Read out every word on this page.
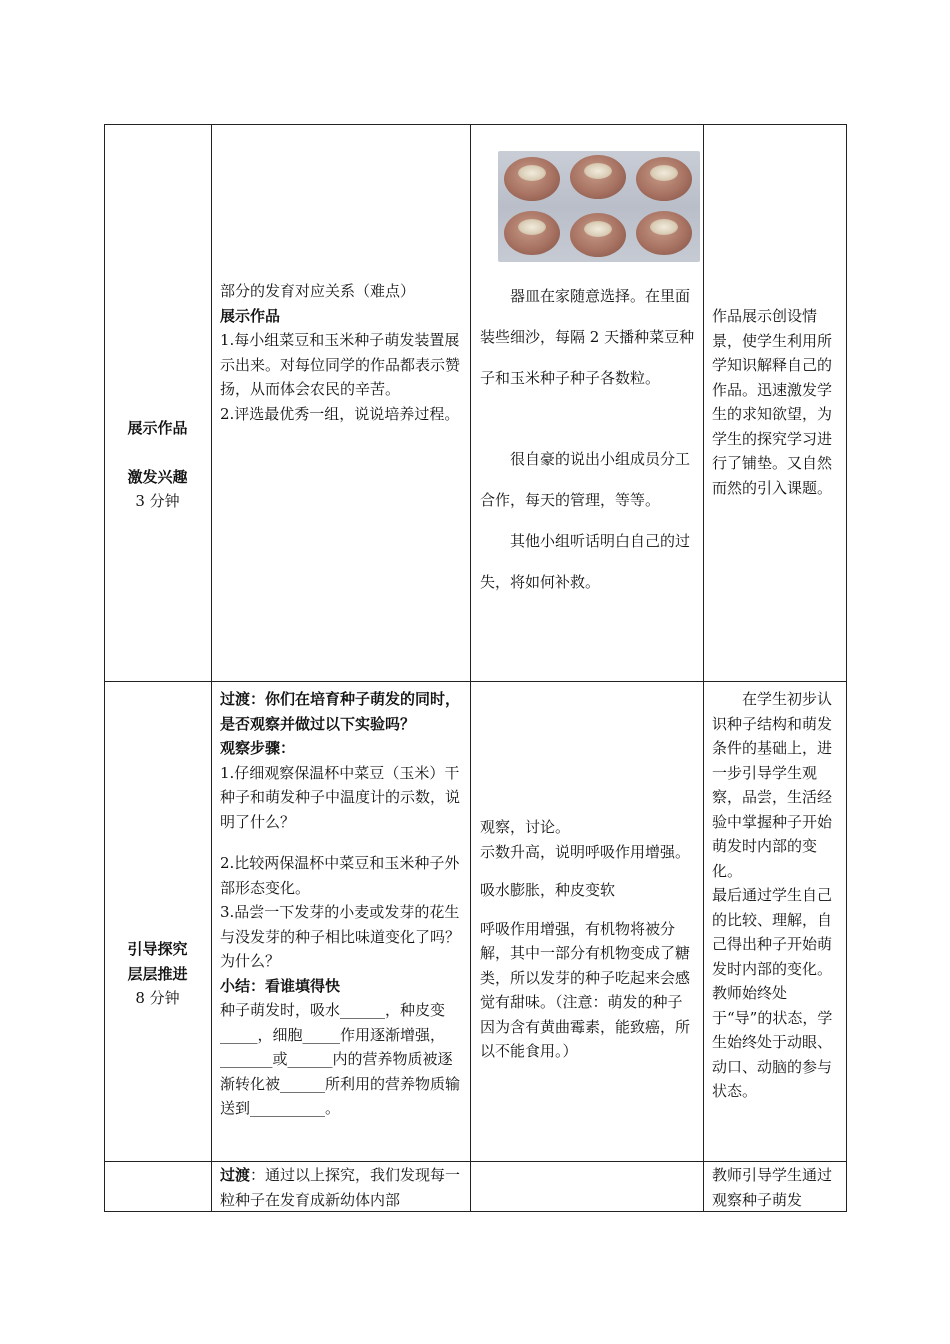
展示作品

激发兴趣

3 分钟

部分的发育对应关系（难点）

展示作品

1.每小组菜豆和玉米种子萌发装置展示出来。对每位同学的作品都表示赞扬，从而体会农民的辛苦。

2.评选最优秀一组，说说培养过程。

器皿在家随意选择。在里面装些细沙，每隔 2 天播种菜豆种子和玉米种子种子各数粒。

很自豪的说出小组成员分工合作，每天的管理，等等。

其他小组听话明白自己的过失，将如何补救。

作品展示创设情景，使学生利用所学知识解释自己的作品。迅速激发学生的求知欲望，为学生的探究学习进行了铺垫。又自然而然的引入课题。

引导探究

层层推进

8 分钟

过渡：你们在培育种子萌发的同时，是否观察并做过以下实验吗？

观察步骤：

1.仔细观察保温杯中菜豆（玉米）干种子和萌发种子中温度计的示数，说明了什么？

2.比较两保温杯中菜豆和玉米种子外部形态变化。

3.品尝一下发芽的小麦或发芽的花生与没发芽的种子相比味道变化了吗？为什么？

小结：看谁填得快

种子萌发时，吸水______，种皮变_____，细胞_____作用逐渐增强，_______或______内的营养物质被逐渐转化被______所利用的营养物质输送到__________。

观察，讨论。

示数升高，说明呼吸作用增强。

吸水膨胀，种皮变软

呼吸作用增强，有机物将被分解，其中一部分有机物变成了糖类，所以发芽的种子吃起来会感觉有甜味。（注意：萌发的种子因为含有黄曲霉素，能致癌，所以不能食用。）

在学生初步认识种子结构和萌发条件的基础上，进一步引导学生观察，品尝，生活经验中掌握种子开始萌发时内部的变化。

最后通过学生自己的比较、理解，自己得出种子开始萌发时内部的变化。教师始终处于“导”的状态，学生始终处于动眼、动口、动脑的参与状态。

过渡：通过以上探究，我们发现每一粒种子在发育成新幼体内部

教师引导学生通过观察种子萌发
